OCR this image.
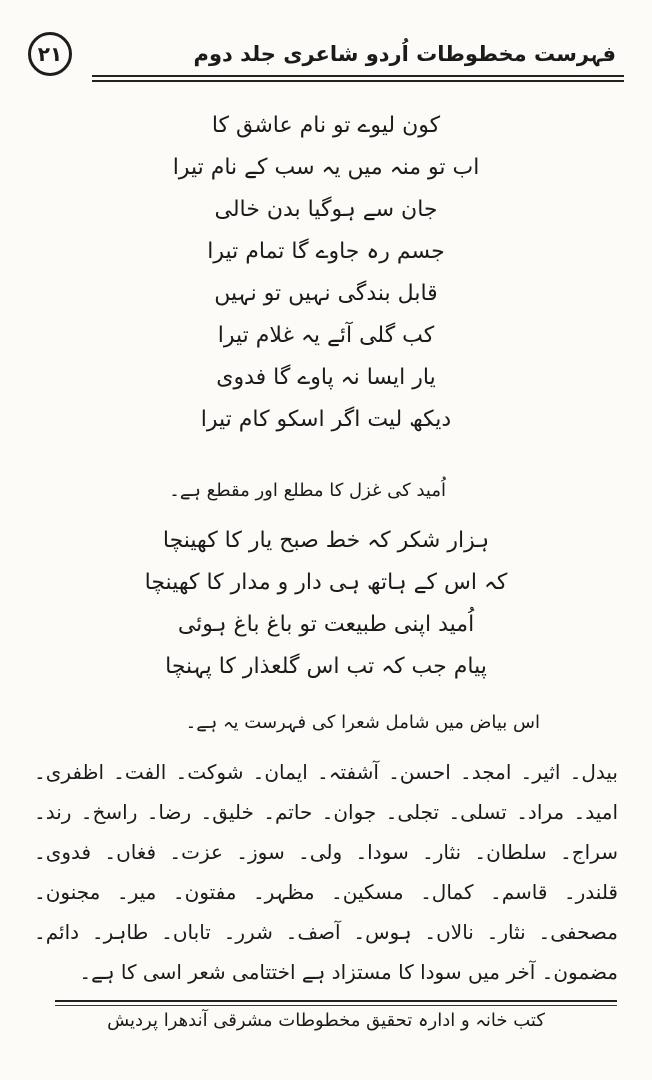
۲۱	فہرست مخطوطات اُردو شاعری جلد دوم
کون لیوے تو نام عاشق کا
اب تو منہ میں یہ سب کے نام تیرا
جان سے ہوگیا بدن خالی
جسم رہ جاوے گا تمام تیرا
قابل بندگی نہیں تو نہیں
کب گلی آئے یہ غلام تیرا
یار ایسا نہ پاوے گا فدوی
دیکھ لیت اگر اسکو کام تیرا
اُمید کی غزل کا مطلع اور مقطع ہے۔
ہزار شکر کہ خط صبح یار کا کھینچا
کہ اس کے ہاتھ ہی دار و مدار کا کھینچا
اُمید اپنی طبیعت تو باغ باغ ہوئی
پیام جب کہ تب اس گلعذار کا پہنچا
اس بیاض میں شامل شعرا کی فہرست یہ ہے۔
بیدل۔ اثیر۔ امجد۔ احسن۔ آشفتہ۔ ایمان۔ شوکت۔ الفت۔ اظفری۔ امید۔ مراد۔ تسلی۔ تجلی۔ جوان۔ حاتم۔ خلیق۔ رضا۔ راسخ۔ رند۔ سراج۔ سلطان۔ نثار۔ سودا۔ ولی۔ سوز۔ عزت۔ فغاں۔ فدوی۔ قلندر۔ قاسم۔ کمال۔ مسکین۔ مظہر۔ مفتون۔ میر۔ مجنون۔ مصحفی۔ نثار۔ نالاں۔ ہوس۔ آصف۔ شرر۔ تاباں۔ طاہر۔ دائم۔ مضمون۔ آخر میں سودا کا مستزاد ہے اختتامی شعر اسی کا ہے۔
کتب خانہ و ادارہ تحقیق مخطوطات مشرقی آندھرا پردیش
